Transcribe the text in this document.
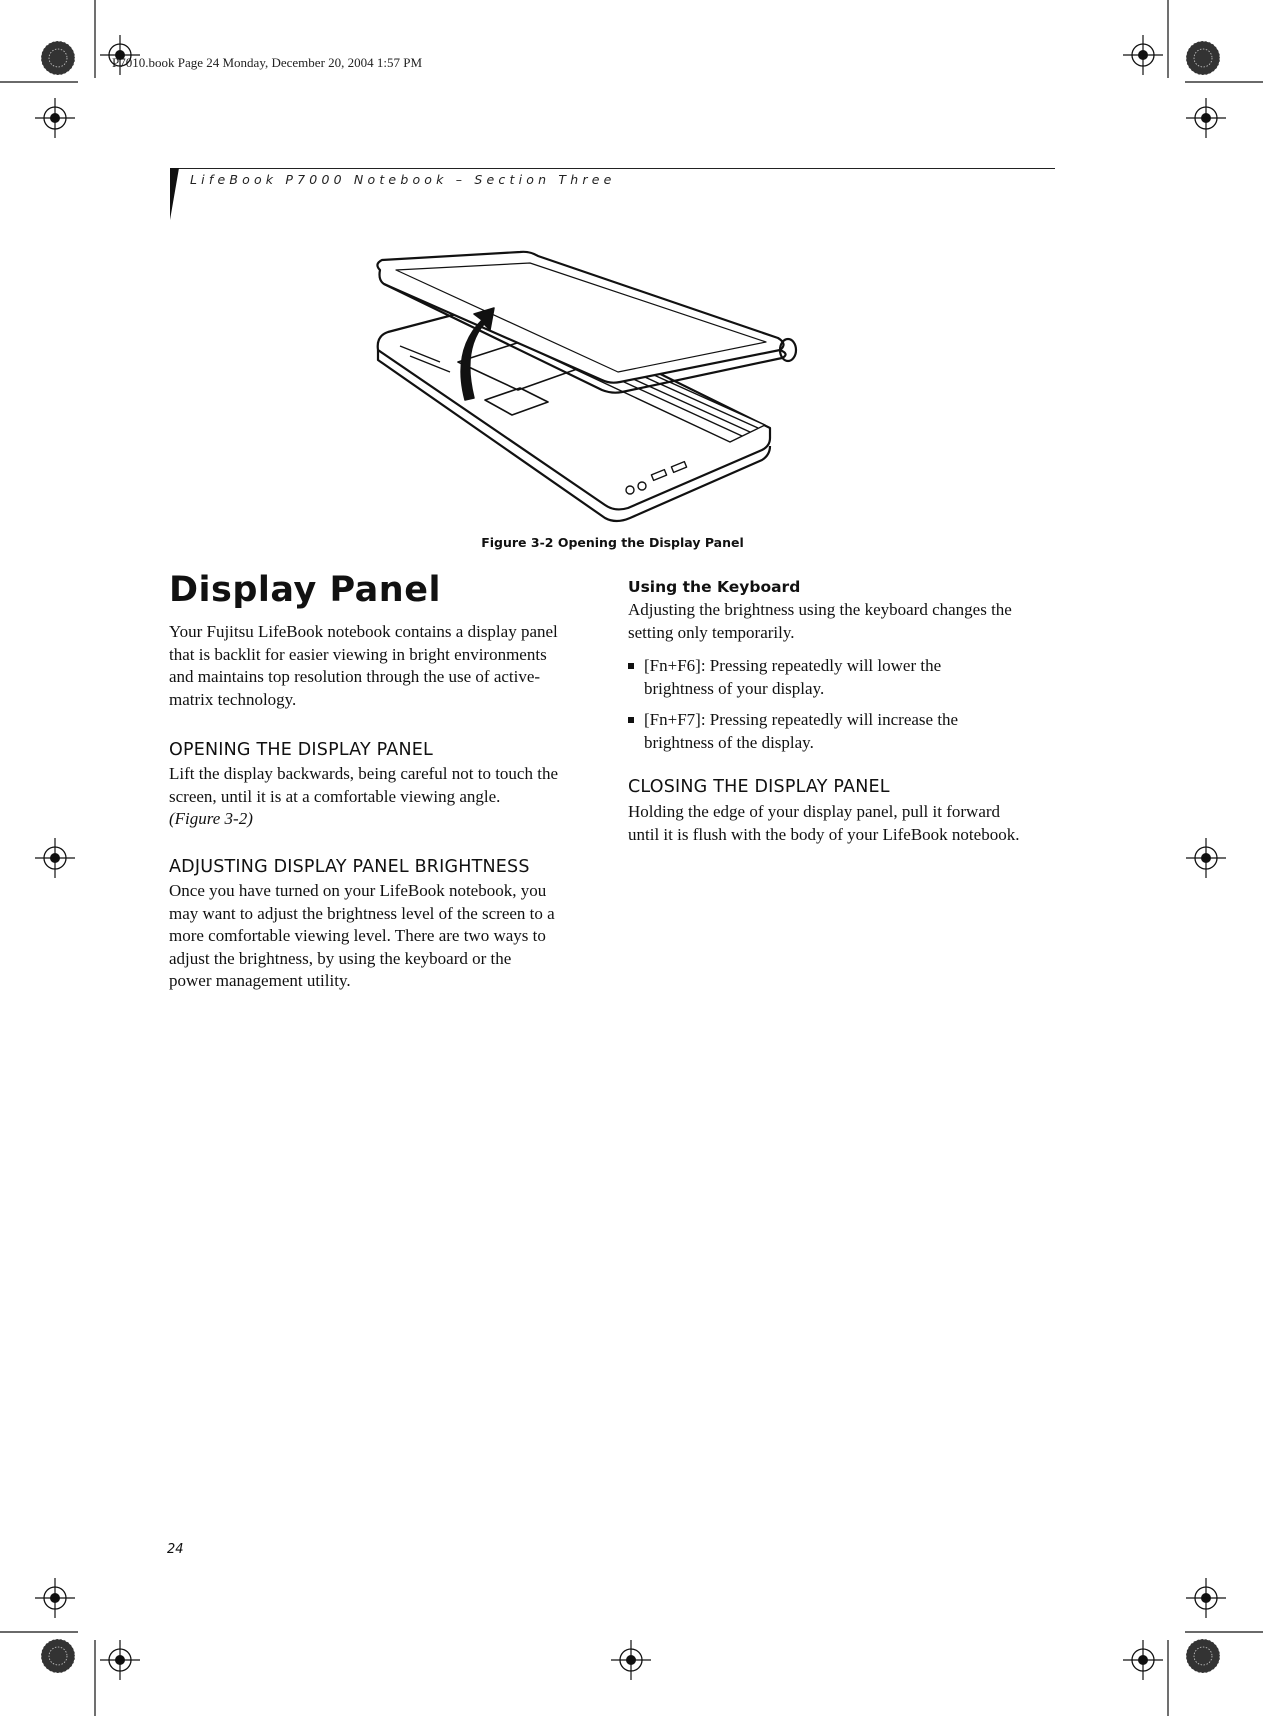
P7010.book Page 24 Monday, December 20, 2004 1:57 PM
LifeBook P7000 Notebook – Section Three
Figure 3-2 Opening the Display Panel
Display Panel
Your Fujitsu LifeBook notebook contains a display panel
that is backlit for easier viewing in bright environments
and maintains top resolution through the use of active-
matrix technology.
OPENING THE DISPLAY PANEL
Lift the display backwards, being careful not to touch the
screen, until it is at a comfortable viewing angle.
(Figure 3-2)
ADJUSTING DISPLAY PANEL BRIGHTNESS
Once you have turned on your LifeBook notebook, you
may want to adjust the brightness level of the screen to a
more comfortable viewing level. There are two ways to
adjust the brightness, by using the keyboard or the
power management utility.
Using the Keyboard
Adjusting the brightness using the keyboard changes the
setting only temporarily.
[Fn+F6]: Pressing repeatedly will lower the
brightness of your display.
[Fn+F7]: Pressing repeatedly will increase the
brightness of the display.
CLOSING THE DISPLAY PANEL
Holding the edge of your display panel, pull it forward
until it is flush with the body of your LifeBook notebook.
24
